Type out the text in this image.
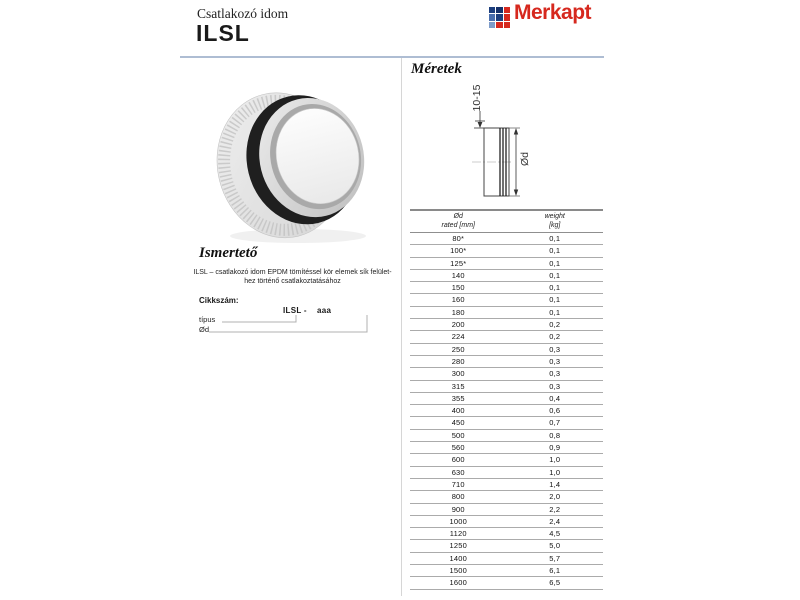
Csatlakozó idom
ILSL
Merkapt
Ismertető
ILSL – csatlakozó idom EPDM tömítéssel kör elemek sík felület-
hez történő csatlakoztatásához
Cikkszám:
ILSL - aaa
típus
Ød
Méretek
10-15
Ød
Ød
rated [mm]
weight
[kg]
80*	0,1
100*	0,1
125*	0,1
140	0,1
150	0,1
160	0,1
180	0,1
200	0,2
224	0,2
250	0,3
280	0,3
300	0,3
315	0,3
355	0,4
400	0,6
450	0,7
500	0,8
560	0,9
600	1,0
630	1,0
710	1,4
800	2,0
900	2,2
1000	2,4
1120	4,5
1250	5,0
1400	5,7
1500	6,1
1600	6,5
